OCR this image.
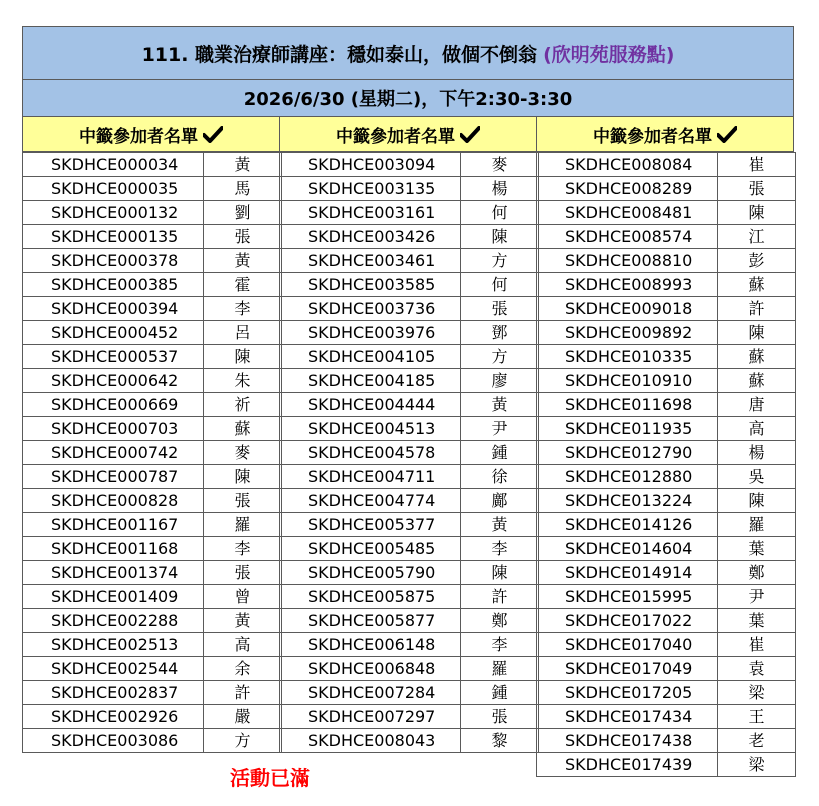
111. 職業治療師講座：穩如泰山，做個不倒翁 (欣明苑服務點)
2026/6/30 (星期二)，下午2:30-3:30
中籤參加者名單
SKDHCE000034	黃
SKDHCE000035	馬
SKDHCE000132	劉
SKDHCE000135	張
SKDHCE000378	黃
SKDHCE000385	霍
SKDHCE000394	李
SKDHCE000452	呂
SKDHCE000537	陳
SKDHCE000642	朱
SKDHCE000669	祈
SKDHCE000703	蘇
SKDHCE000742	麥
SKDHCE000787	陳
SKDHCE000828	張
SKDHCE001167	羅
SKDHCE001168	李
SKDHCE001374	張
SKDHCE001409	曾
SKDHCE002288	黃
SKDHCE002513	高
SKDHCE002544	余
SKDHCE002837	許
SKDHCE002926	嚴
SKDHCE003086	方
中籤參加者名單
SKDHCE003094	麥
SKDHCE003135	楊
SKDHCE003161	何
SKDHCE003426	陳
SKDHCE003461	方
SKDHCE003585	何
SKDHCE003736	張
SKDHCE003976	鄧
SKDHCE004105	方
SKDHCE004185	廖
SKDHCE004444	黃
SKDHCE004513	尹
SKDHCE004578	鍾
SKDHCE004711	徐
SKDHCE004774	鄺
SKDHCE005377	黃
SKDHCE005485	李
SKDHCE005790	陳
SKDHCE005875	許
SKDHCE005877	鄭
SKDHCE006148	李
SKDHCE006848	羅
SKDHCE007284	鍾
SKDHCE007297	張
SKDHCE008043	黎
中籤參加者名單
SKDHCE008084	崔
SKDHCE008289	張
SKDHCE008481	陳
SKDHCE008574	江
SKDHCE008810	彭
SKDHCE008993	蘇
SKDHCE009018	許
SKDHCE009892	陳
SKDHCE010335	蘇
SKDHCE010910	蘇
SKDHCE011698	唐
SKDHCE011935	高
SKDHCE012790	楊
SKDHCE012880	吳
SKDHCE013224	陳
SKDHCE014126	羅
SKDHCE014604	葉
SKDHCE014914	鄭
SKDHCE015995	尹
SKDHCE017022	葉
SKDHCE017040	崔
SKDHCE017049	袁
SKDHCE017205	梁
SKDHCE017434	王
SKDHCE017438	老
SKDHCE017439	梁
活動已滿
